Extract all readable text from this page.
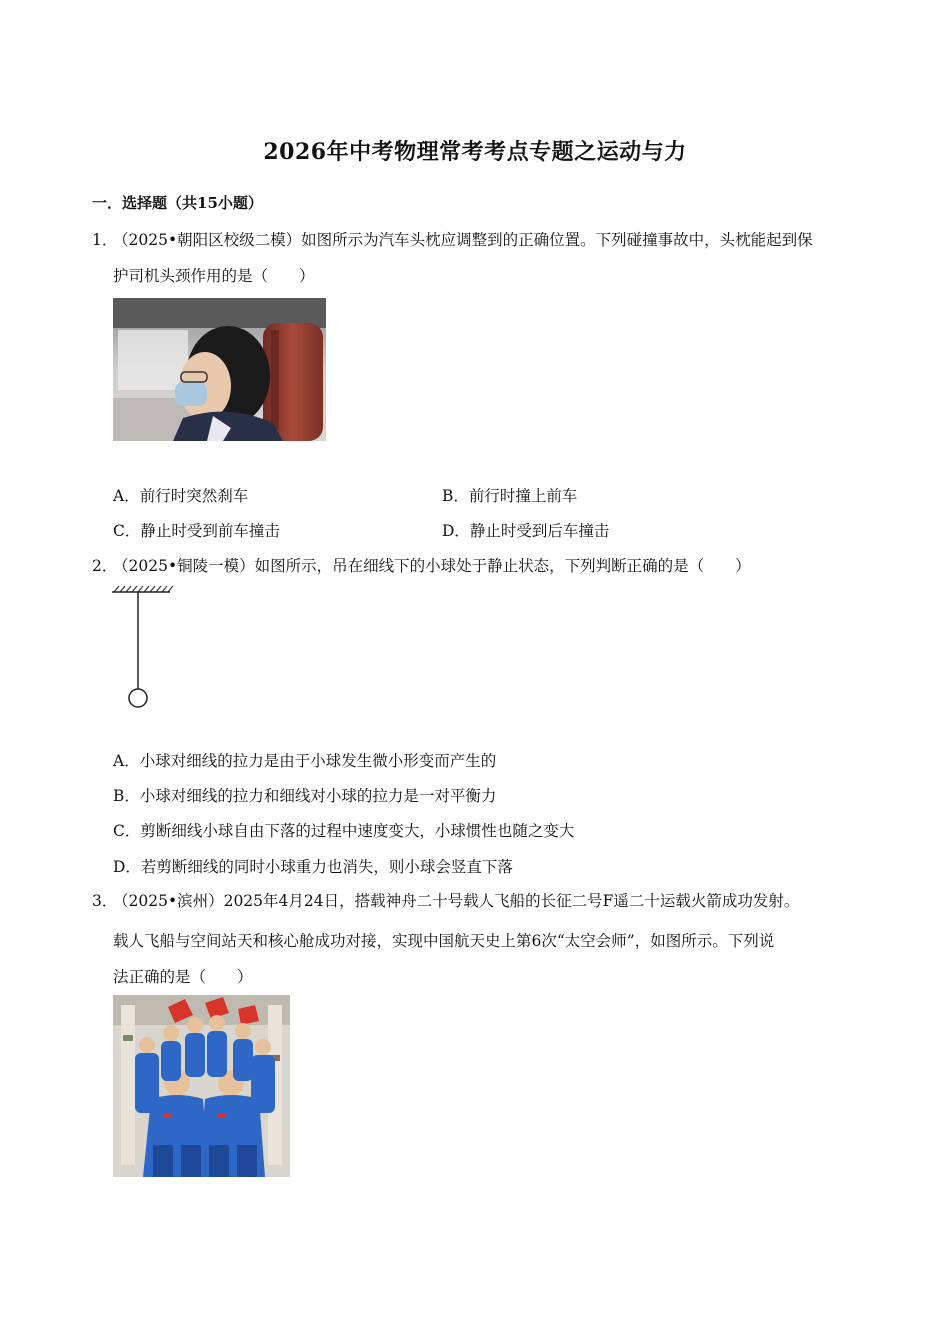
2026年中考物理常考考点专题之运动与力
一．选择题（共15小题）
1．（2025•朝阳区校级二模）如图所示为汽车头枕应调整到的正确位置。下列碰撞事故中，头枕能起到保
护司机头颈作用的是（　　）
A．前行时突然刹车	B．前行时撞上前车
C．静止时受到前车撞击	D．静止时受到后车撞击
2．（2025•铜陵一模）如图所示，吊在细线下的小球处于静止状态，下列判断正确的是（　　）
A．小球对细线的拉力是由于小球发生微小形变而产生的
B．小球对细线的拉力和细线对小球的拉力是一对平衡力
C．剪断细线小球自由下落的过程中速度变大，小球惯性也随之变大
D．若剪断细线的同时小球重力也消失，则小球会竖直下落
3．（2025•滨州）2025年4月24日，搭载神舟二十号载人飞船的长征二号F遥二十运载火箭成功发射。
载人飞船与空间站天和核心舱成功对接，实现中国航天史上第6次“太空会师”，如图所示。下列说
法正确的是（　　）
